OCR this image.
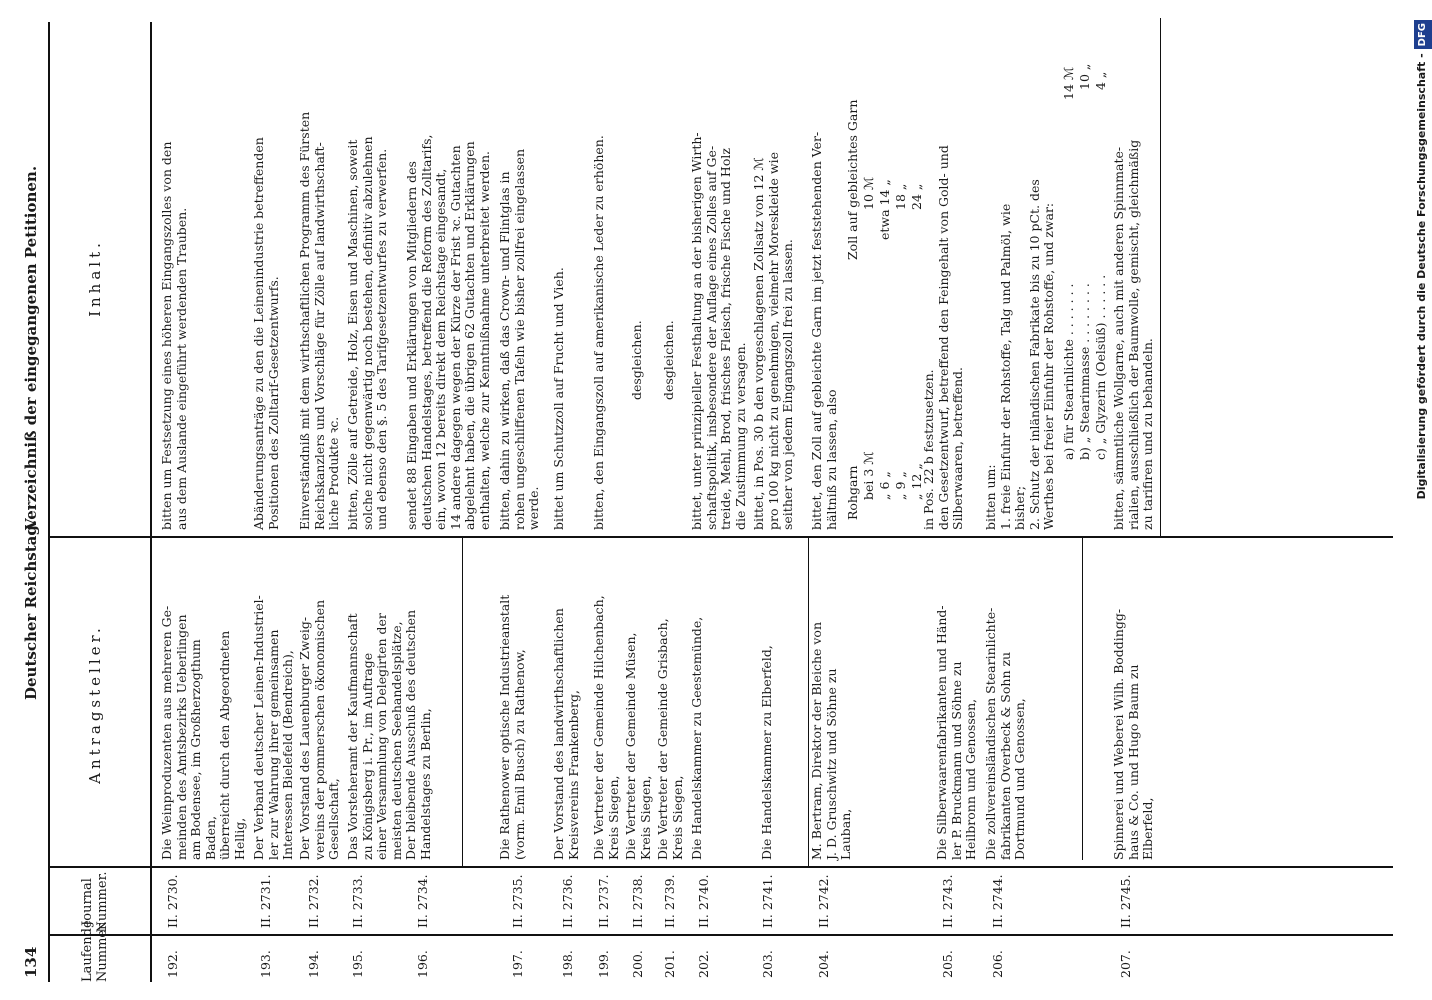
134
Deutscher Reichstag.
Verzeichniß der eingegangenen Petitionen.
Laufende Nummer.
Journal Nummer.
Antragsteller.
Inhalt.
192.
II. 2730.
Die Weinproduzenten aus mehreren Ge-
meinden des Amtsbezirks Ueberlingen
am Bodensee, im Großherzogthum
Baden,
überreicht durch den Abgeordneten
Hellig,
bitten um Festsetzung eines höheren Eingangszolles von den
aus dem Auslande eingeführt werdenden Trauben.
193.
II. 2731.
Der Verband deutscher Leinen-Industriel-
ler zur Wahrung ihrer gemeinsamen
Interessen Bielefeld (Bendreich),
Abänderungsanträge zu den die Leinenindustrie betreffenden
Positionen des Zolltarif-Gesetzentwurfs.
194.
II. 2732.
Der Vorstand des Lauenburger Zweig-
vereins der pommerschen ökonomischen
Gesellschaft,
Einverständniß mit dem wirthschaftlichen Programm des Fürsten
Reichskanzlers und Vorschläge für Zölle auf landwirthschaft-
liche Produkte ꝛc.
195.
II. 2733.
Das Vorsteheramt der Kaufmannschaft
zu Königsberg i. Pr., im Auftrage
einer Versammlung von Delegirten der
meisten deutschen Seehandelsplätze,
Der bleibende Ausschuß des deutschen
Handelstages zu Berlin,
bitten, Zölle auf Getreide, Holz, Eisen und Maschinen, soweit
solche nicht gegenwärtig noch bestehen, definitiv abzulehnen
und ebenso den §. 5 des Tarifgesetzentwurfes zu verwerfen.
196.
II. 2734.
sendet 88 Eingaben und Erklärungen von Mitgliedern des
deutschen Handelstages, betreffend die Reform des Zolltarifs,
ein, wovon 12 bereits direkt dem Reichstage eingesandt,
14 andere dagegen wegen der Kürze der Frist ꝛc. Gutachten
abgelehnt haben, die übrigen 62 Gutachten und Erklärungen
enthalten, welche zur Kenntnißnahme unterbreitet werden.
197.
II. 2735.
Die Rathenower optische Industrieanstalt
(vorm. Emil Busch) zu Rathenow,
bitten, dahin zu wirken, daß das Crown- und Flintglas in
rohen ungeschliffenen Tafeln wie bisher zollfrei eingelassen
werde.
198.
II. 2736.
Der Vorstand des landwirthschaftlichen
Kreisvereins Frankenberg,
bittet um Schutzzoll auf Frucht und Vieh.
199.
II. 2737.
Die Vertreter der Gemeinde Hilchenbach,
Kreis Siegen,
bitten, den Eingangszoll auf amerikanische Leder zu erhöhen.
200.
II. 2738.
Die Vertreter der Gemeinde Müsen,
Kreis Siegen,
desgleichen.
201.
II. 2739.
Die Vertreter der Gemeinde Grisbach,
Kreis Siegen,
desgleichen.
202.
II. 2740.
Die Handelskammer zu Geestemünde,
bittet, unter prinzipieller Festhaltung an der bisherigen Wirth-
schaftspolitik, insbesondere der Auflage eines Zolles auf Ge-
treide, Mehl, Brod, frisches Fleisch, frische Fische und Holz
die Zustimmung zu versagen.
203.
II. 2741.
Die Handelskammer zu Elberfeld,
bittet, in Pos. 30 b den vorgeschlagenen Zollsatz von 12 ℳ
pro 100 kg nicht zu genehmigen, vielmehr Moreskleide wie
seither von jedem Eingangszoll frei zu lassen.
204.
II. 2742.
M. Bertram, Direktor der Bleiche von
J. D. Gruschwitz und Söhne zu
Lauban,
bittet, den Zoll auf gebleichte Garn im jetzt feststehenden Ver-
hältniß zu lassen, also
Rohgarn
Zoll auf gebleichtes Garn
bei 3 ℳ
10 ℳ
„ 6 „
etwa 14 „
„ 9 „
18 „
„ 12 „
24 „
205.
II. 2743.
Die Silberwaarenfabrikanten und Händ-
ler P. Bruckmann und Söhne zu
Heilbronn und Genossen,
in Pos. 22 b festzusetzen.
den Gesetzentwurf, betreffend den Feingehalt von Gold- und
Silberwaaren, betreffend.
206.
II. 2744.
Die zollvereinsländischen Stearinlichte-
fabrikanten Overbeck & Sohn zu
Dortmund und Genossen,
bitten um:
1. freie Einfuhr der Rohstoffe, Talg und Palmöl, wie
bisher;
2. Schutz der inländischen Fabrikate bis zu 10 pCt. des
Werthes bei freier Einfuhr der Rohstoffe, und zwar:
a) für Stearinlichte . . . . . . .
14 ℳ
b) „ Stearinmasse . . . . . . . .
10 „
c) „ Glyzerin (Oelsüß) . . . . . .
4 „
207.
II. 2745.
Spinnerei und Weberei Wilh. Boddingg-
haus & Co. und Hugo Baum zu
Elberfeld,
bitten, sämmtliche Wollgarne, auch mit anderen Spinnmate-
rialien, ausschließlich der Baumwolle, gemischt, gleichmäßig
zu tarifiren und zu behandeln.	Digitalisierung gefördert durch die Deutsche Forschungsgemeinschaft -DFG
